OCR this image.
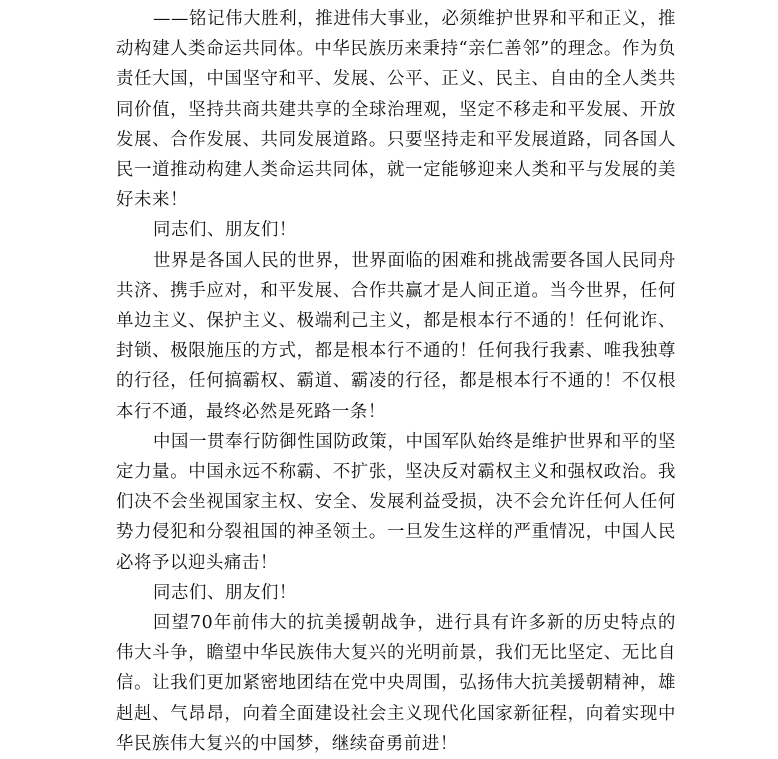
——铭记伟大胜利，推进伟大事业，必须维护世界和平和正义，推动构建人类命运共同体。中华民族历来秉持“亲仁善邻”的理念。作为负责任大国，中国坚守和平、发展、公平、正义、民主、自由的全人类共同价值，坚持共商共建共享的全球治理观，坚定不移走和平发展、开放发展、合作发展、共同发展道路。只要坚持走和平发展道路，同各国人民一道推动构建人类命运共同体，就一定能够迎来人类和平与发展的美好未来！

同志们、朋友们！

世界是各国人民的世界，世界面临的困难和挑战需要各国人民同舟共济、携手应对，和平发展、合作共赢才是人间正道。当今世界，任何单边主义、保护主义、极端利己主义，都是根本行不通的！任何讹诈、封锁、极限施压的方式，都是根本行不通的！任何我行我素、唯我独尊的行径，任何搞霸权、霸道、霸凌的行径，都是根本行不通的！不仅根本行不通，最终必然是死路一条！

中国一贯奉行防御性国防政策，中国军队始终是维护世界和平的坚定力量。中国永远不称霸、不扩张，坚决反对霸权主义和强权政治。我们决不会坐视国家主权、安全、发展利益受损，决不会允许任何人任何势力侵犯和分裂祖国的神圣领土。一旦发生这样的严重情况，中国人民必将予以迎头痛击！

同志们、朋友们！

回望70年前伟大的抗美援朝战争，进行具有许多新的历史特点的伟大斗争，瞻望中华民族伟大复兴的光明前景，我们无比坚定、无比自信。让我们更加紧密地团结在党中央周围，弘扬伟大抗美援朝精神，雄赳赳、气昂昂，向着全面建设社会主义现代化国家新征程，向着实现中华民族伟大复兴的中国梦，继续奋勇前进！
